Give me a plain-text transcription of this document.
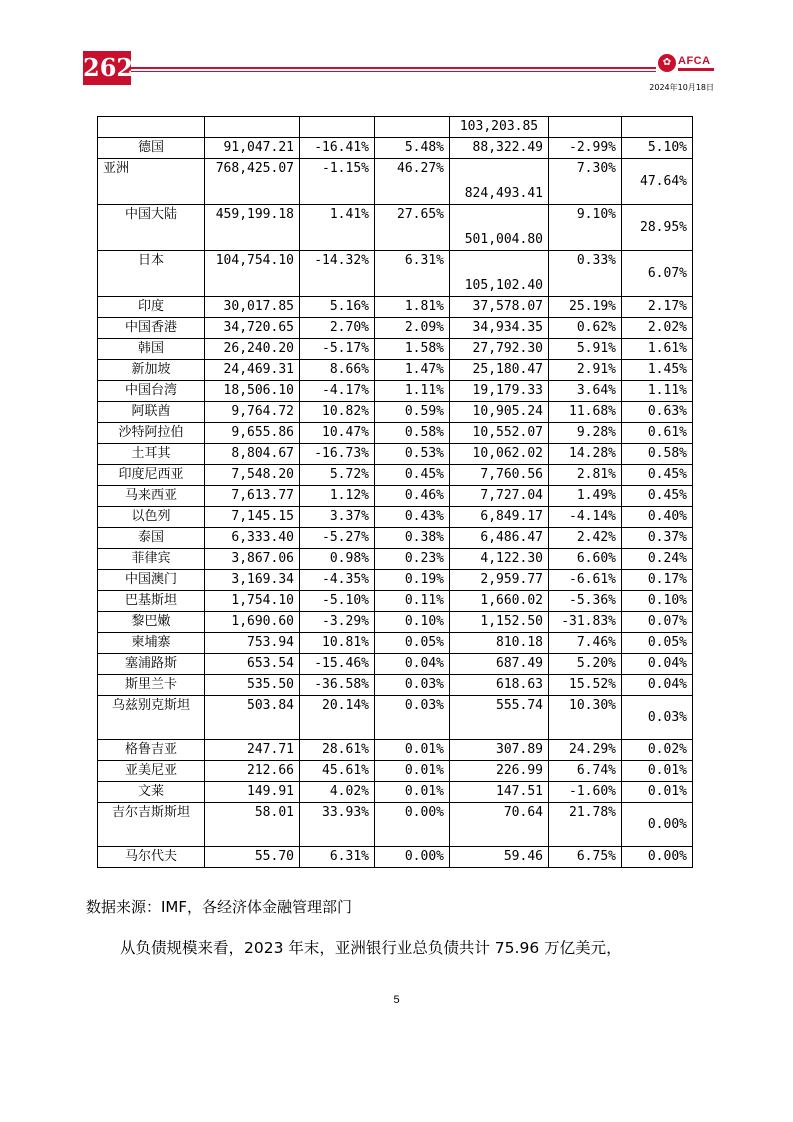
262	✿ AFCA
2024年10月18日
				103,203.85		
德国	91,047.21	-16.41%	5.48%	88,322.49	-2.99%	5.10%
亚洲	768,425.07	-1.15%	46.27%	824,493.41	7.30%	47.64%
中国大陆	459,199.18	1.41%	27.65%	501,004.80	9.10%	28.95%
日本	104,754.10	-14.32%	6.31%	105,102.40	0.33%	6.07%
印度	30,017.85	5.16%	1.81%	37,578.07	25.19%	2.17%
中国香港	34,720.65	2.70%	2.09%	34,934.35	0.62%	2.02%
韩国	26,240.20	-5.17%	1.58%	27,792.30	5.91%	1.61%
新加坡	24,469.31	8.66%	1.47%	25,180.47	2.91%	1.45%
中国台湾	18,506.10	-4.17%	1.11%	19,179.33	3.64%	1.11%
阿联酋	9,764.72	10.82%	0.59%	10,905.24	11.68%	0.63%
沙特阿拉伯	9,655.86	10.47%	0.58%	10,552.07	9.28%	0.61%
土耳其	8,804.67	-16.73%	0.53%	10,062.02	14.28%	0.58%
印度尼西亚	7,548.20	5.72%	0.45%	7,760.56	2.81%	0.45%
马来西亚	7,613.77	1.12%	0.46%	7,727.04	1.49%	0.45%
以色列	7,145.15	3.37%	0.43%	6,849.17	-4.14%	0.40%
泰国	6,333.40	-5.27%	0.38%	6,486.47	2.42%	0.37%
菲律宾	3,867.06	0.98%	0.23%	4,122.30	6.60%	0.24%
中国澳门	3,169.34	-4.35%	0.19%	2,959.77	-6.61%	0.17%
巴基斯坦	1,754.10	-5.10%	0.11%	1,660.02	-5.36%	0.10%
黎巴嫩	1,690.60	-3.29%	0.10%	1,152.50	-31.83%	0.07%
柬埔寨	753.94	10.81%	0.05%	810.18	7.46%	0.05%
塞浦路斯	653.54	-15.46%	0.04%	687.49	5.20%	0.04%
斯里兰卡	535.50	-36.58%	0.03%	618.63	15.52%	0.04%
乌兹别克斯坦	503.84	20.14%	0.03%	555.74	10.30%	0.03%
格鲁吉亚	247.71	28.61%	0.01%	307.89	24.29%	0.02%
亚美尼亚	212.66	45.61%	0.01%	226.99	6.74%	0.01%
文莱	149.91	4.02%	0.01%	147.51	-1.60%	0.01%
吉尔吉斯斯坦	58.01	33.93%	0.00%	70.64	21.78%	0.00%
马尔代夫	55.70	6.31%	0.00%	59.46	6.75%	0.00%
数据来源：IMF，各经济体金融管理部门
从负债规模来看，2023 年末，亚洲银行业总负债共计 75.96 万亿美元，
5
